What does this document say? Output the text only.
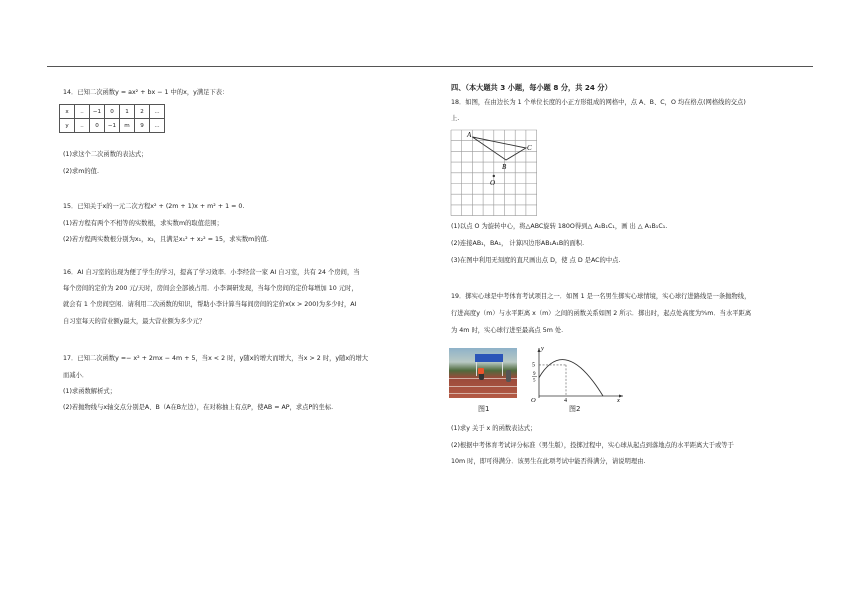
14．已知二次函数y = ax² + bx − 1 中的x，y满足下表：
x	..	−1	0	1	2	...
y	..	0	−1	m	9	...
(1)求这个二次函数的表达式；
(2)求m的值.
15．已知关于x的一元二次方程x² + (2m + 1)x + m² + 1 = 0.
(1)若方程有两个不相等的实数根，求实数m的取值范围；
(2)若方程两实数根分别为x₁，x₂，且满足x₁² + x₂² = 15，求实数m的值.
16．AI 自习室的出现为便了学生的学习，提高了学习效率．小李经营一家 AI 自习室，共有 24 个房间，当
每个房间的定价为 200 元/天时，房间会全部被占用．小李调研发现，当每个房间的定价每增加 10 元时，
就会有 1 个房间空闲．请利用二次函数的知识，帮助小李计算当每间房间的定价x(x > 200)为多少时，AI
自习室每天的营业额y最大，最大营业额为多少元？
17．已知二次函数y =− x² + 2mx − 4m + 5，当x < 2 时，y随x的增大而增大，当x > 2 时，y随x的增大
而减小．
(1)求函数解析式；
(2)若抛物线与x轴交点分别是A、B（A在B左边），在对称抽上有点P，使AB = AP，求点P的坐标.
四、（本大题共 3 小题，每小题 8 分，共 24 分）
18．如图，在由边长为 1 个单位长度的小正方形组成的网格中，点 A、B、C，O 均在格点(网格线的交点)
上.
A
C
B
O
(1)以点 O 为旋转中心，将△ABC旋转 180O得到△ A₁B₁C₁，画 出 △ A₁B₁C₁.
(2)连接AB₁，BA₁， 计算四边形AB₁A₁B的面积.
(3)在图中利用无刻度的直尺画出点 D，使 点 D 是AC的中点.
19．掷实心球是中考体育考试项目之一．如图 1 是一名男生掷实心球情境，实心球行进路线是一条抛物线，
行进高度y（m）与水平距离 x（m）之间的函数关系如图 2 所示．掷出时，起点处高度为⁹⁄₅m．当水平距离
为 4m 时，实心球行进至最高点 5m 处.
图1
y
x
O
5
4
9
5
图2
(1)求y 关于 x 的函数表达式；
(2)根据中考体育考试评分标准（男生版），投掷过程中，实心球从起点到落地点的水平距离大于或等于
10m 时，即可得满分．该男生在此项考试中能否得满分，请说明理由.
